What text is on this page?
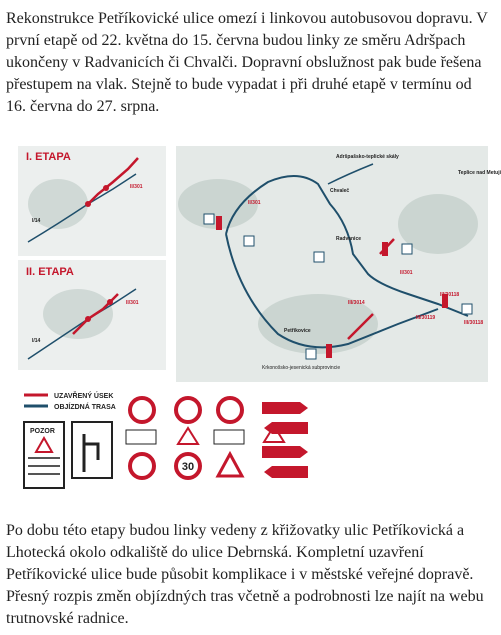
Rekonstrukce Petříkovické ulice omezí i linkovou autobusovou dopravu. V první etapě od 22. května do 15. června budou linky ze směru Adršpach ukončeny v Radvanicích či Chvalči. Dopravní obslužnost pak bude řešena přestupem na vlak. Stejně to bude vypadat i při druhé etapě v termínu od 16. června do 27. srpna.

II/301
I/14
II/301
I/14
Adršpašsko-teplické skály
Teplice nad Metují
II/301
II/301
III/3014
III/30118
III/30119
III/30118
Radvanice
Chvaleč
Petříkovice
Krkonošsko-jesenická subprovincie
UZAVŘENÝ ÚSEK
OBJÍZDNÁ TRASA
POZOR
30
I. ETAPA
II. ETAPA

Po dobu této etapy budou linky vedeny z křižovatky ulic Petříkovická a Lhotecká okolo odkaliště do ulice Debrnská. Kompletní uzavření Petříkovické ulice bude působit komplikace i v městské veřejné dopravě. Přesný rozpis změn objízdných tras včetně a podrobnosti lze najít na webu trutnovské radnice.
